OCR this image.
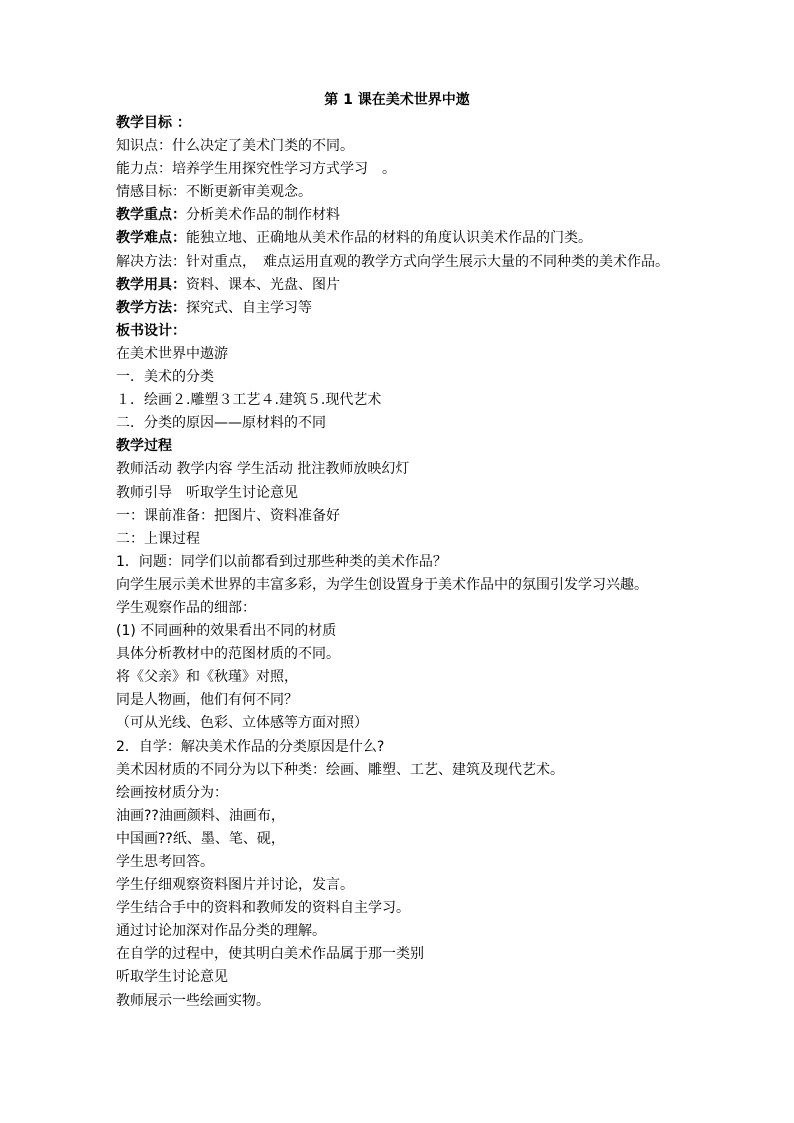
第 1 课在美术世界中遨
教学目标 ：
知识点：什么决定了美术门类的不同。
能力点：培养学生用探究性学习方式学习　。
情感目标：不断更新审美观念。
教学重点：分析美术作品的制作材料
教学难点：能独立地、正确地从美术作品的材料的角度认识美术作品的门类。
解决方法：针对重点，　难点运用直观的教学方式向学生展示大量的不同种类的美术作品。
教学用具：资料、课本、光盘、图片
教学方法：探究式、自主学习等
板书设计：
在美术世界中遨游
一．美术的分类
１．绘画２.雕塑３工艺４.建筑５.现代艺术
二．分类的原因——原材料的不同
教学过程
教师活动 教学内容 学生活动 批注教师放映幻灯
教师引导　听取学生讨论意见
一：课前准备：把图片、资料准备好
二：上课过程
1．问题：同学们以前都看到过那些种类的美术作品？
向学生展示美术世界的丰富多彩，为学生创设置身于美术作品中的氛围引发学习兴趣。
学生观察作品的细部：
(1) 不同画种的效果看出不同的材质
具体分析教材中的范图材质的不同。
将《父亲》和《秋瑾》对照，
同是人物画，他们有何不同？
（可从光线、色彩、立体感等方面对照）
2．自学：解决美术作品的分类原因是什么?
美术因材质的不同分为以下种类：绘画、雕塑、工艺、建筑及现代艺术。
绘画按材质分为：
油画??油画颜料、油画布，
中国画??纸、墨、笔、砚，
学生思考回答。
学生仔细观察资料图片并讨论，发言。
学生结合手中的资料和教师发的资料自主学习。
通过讨论加深对作品分类的理解。
在自学的过程中，使其明白美术作品属于那一类别
听取学生讨论意见
教师展示一些绘画实物。
